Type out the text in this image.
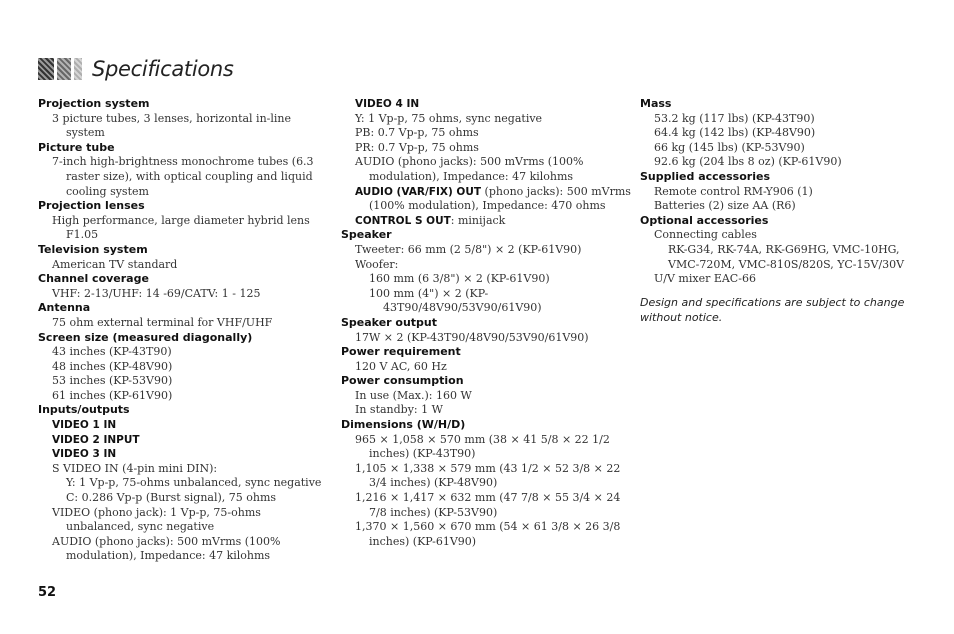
Specifications
Projection system
3 picture tubes, 3 lenses, horizontal in-line system
Picture tube
7-inch high-brightness monochrome tubes (6.3 raster size), with optical coupling and liquid cooling system
Projection lenses
High performance, large diameter hybrid lens F1.05
Television system
American TV standard
Channel coverage
VHF: 2-13/UHF: 14 -69/CATV: 1 - 125
Antenna
75 ohm external terminal for VHF/UHF
Screen size (measured diagonally)
43 inches (KP-43T90)
48 inches (KP-48V90)
53 inches (KP-53V90)
61 inches (KP-61V90)
Inputs/outputs
VIDEO 1 IN
VIDEO 2 INPUT
VIDEO 3 IN
S VIDEO IN (4-pin mini DIN):
Y: 1 Vp-p, 75-ohms unbalanced, sync negative
C: 0.286 Vp-p (Burst signal), 75 ohms
VIDEO (phono jack): 1 Vp-p, 75-ohms unbalanced, sync negative
AUDIO (phono jacks): 500 mVrms (100% modulation), Impedance: 47 kilohms
VIDEO 4 IN
Y: 1 Vp-p, 75 ohms, sync negative
PB: 0.7 Vp-p, 75 ohms
PR: 0.7 Vp-p, 75 ohms
AUDIO (phono jacks): 500 mVrms (100% modulation), Impedance: 47 kilohms
AUDIO (VAR/FIX) OUT (phono jacks): 500 mVrms (100% modulation), Impedance: 470 ohms
CONTROL S OUT: minijack
Speaker
Tweeter: 66 mm (2 5/8") × 2 (KP-61V90)
Woofer:
160 mm (6 3/8") × 2 (KP-61V90)
100 mm (4") × 2 (KP-43T90/48V90/53V90/61V90)
Speaker output
17W × 2 (KP-43T90/48V90/53V90/61V90)
Power requirement
120 V AC, 60 Hz
Power consumption
In use (Max.): 160 W
In standby: 1 W
Dimensions (W/H/D)
965 × 1,058 × 570 mm (38 × 41 5/8 × 22 1/2 inches) (KP-43T90)
1,105 × 1,338 × 579 mm (43 1/2 × 52 3/8 × 22 3/4 inches) (KP-48V90)
1,216 × 1,417 × 632 mm (47 7/8 × 55 3/4 × 24 7/8 inches) (KP-53V90)
1,370 × 1,560 × 670 mm (54 × 61 3/8 × 26 3/8 inches) (KP-61V90)
Mass
53.2 kg (117 lbs) (KP-43T90)
64.4 kg (142 lbs) (KP-48V90)
66 kg (145 lbs) (KP-53V90)
92.6 kg (204 lbs 8 oz) (KP-61V90)
Supplied accessories
Remote control RM-Y906 (1)
Batteries (2) size AA (R6)
Optional accessories
Connecting cables
RK-G34, RK-74A, RK-G69HG, VMC-10HG, VMC-720M, VMC-810S/820S, YC-15V/30V
U/V mixer EAC-66
Design and specifications are subject to change without notice.
52
